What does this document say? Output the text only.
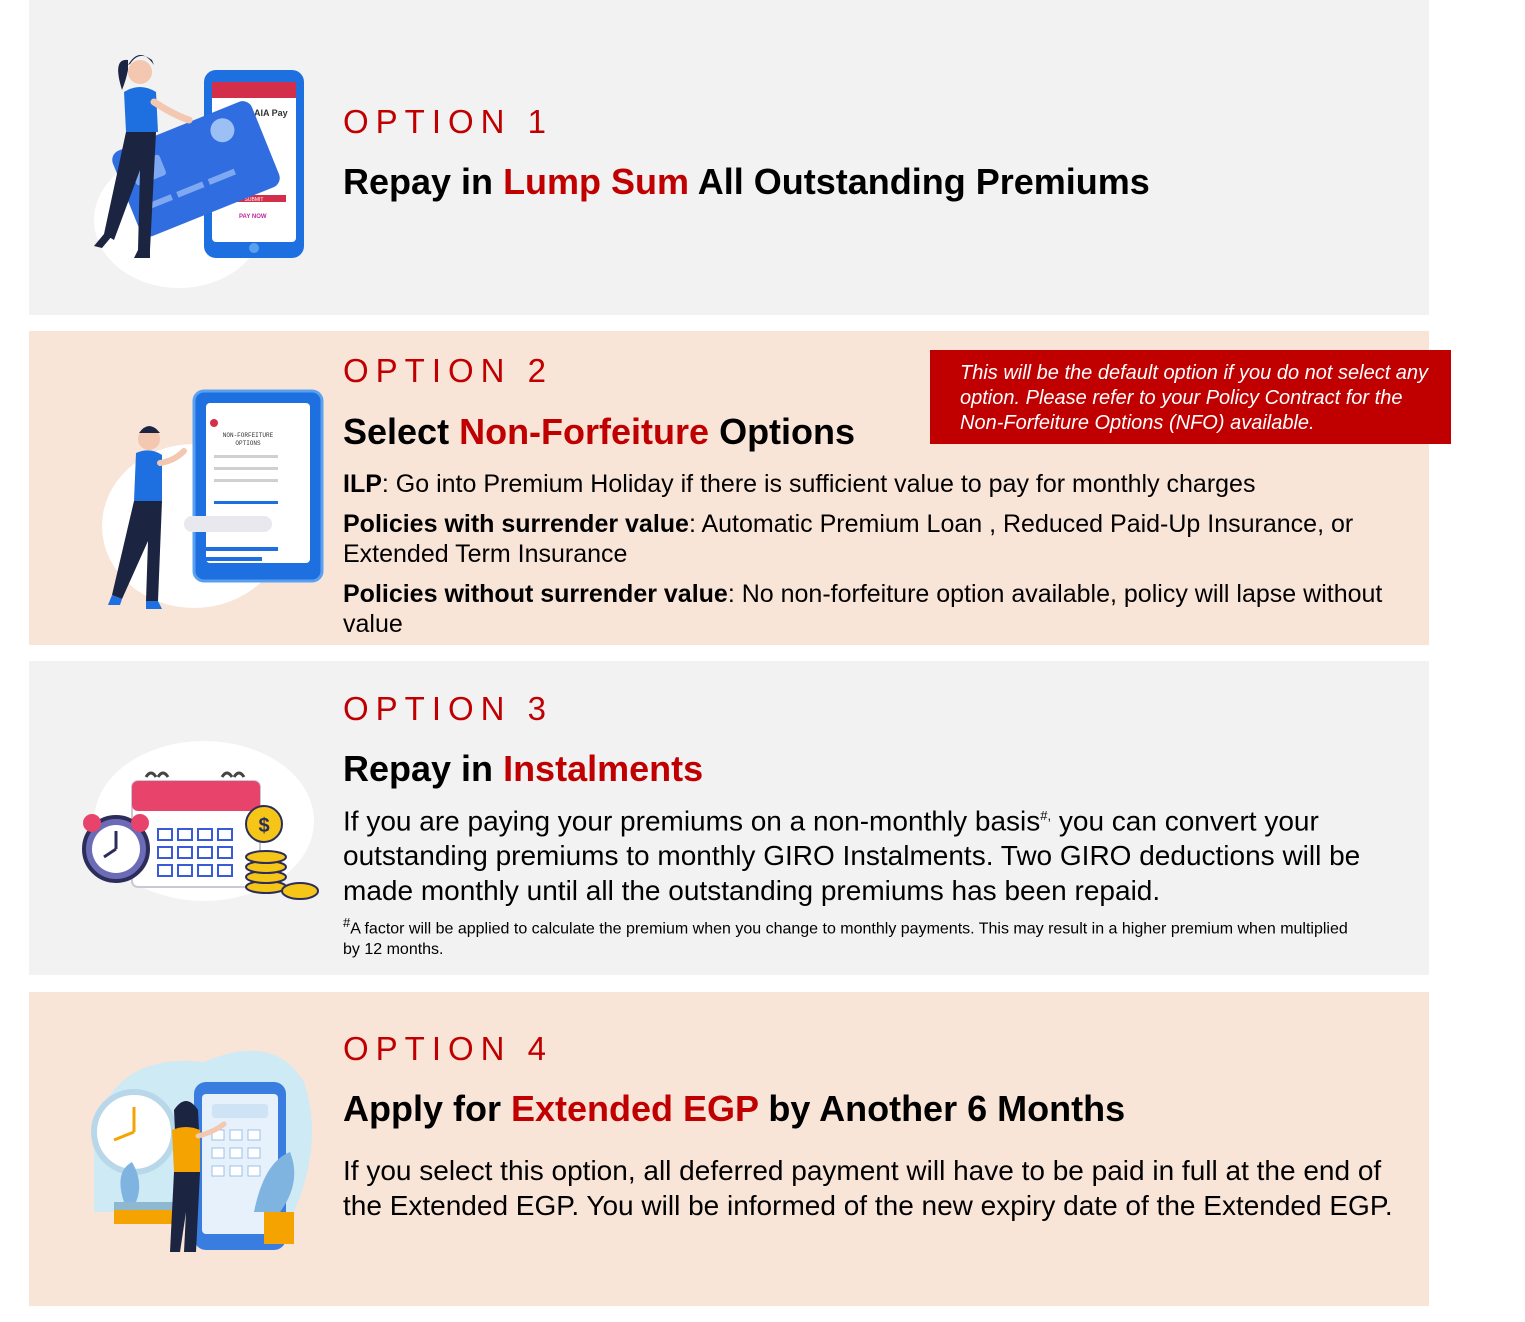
AIA Pay
SUBMIT
PAY NOW
OPTION 1
Repay in Lump Sum All Outstanding Premiums
NON-FORFEITURE
OPTIONS
$
OPTION 2
Select Non-Forfeiture Options

ILP: Go into Premium Holiday if there is sufficient value to pay for monthly charges

Policies with surrender value: Automatic Premium Loan , Reduced Paid-Up Insurance, or Extended Term Insurance

Policies without surrender value: No non-forfeiture option available, policy will lapse without value

This will be the default option if you do not select any option. Please refer to your Policy Contract for the Non-Forfeiture Options (NFO) available.
$
OPTION 3
Repay in Instalments
If you are paying your premiums on a non-monthly basis#, you can convert your outstanding premiums to monthly GIRO Instalments. Two GIRO deductions will be made monthly until all the outstanding premiums has been repaid.
#A factor will be applied to calculate the premium when you change to monthly payments. This may result in a higher premium when multiplied by 12 months.
OPTION 4
Apply for Extended EGP by Another 6 Months
If you select this option, all deferred payment will have to be paid in full at the end of the Extended EGP. You will be informed of the new expiry date of the Extended EGP.
